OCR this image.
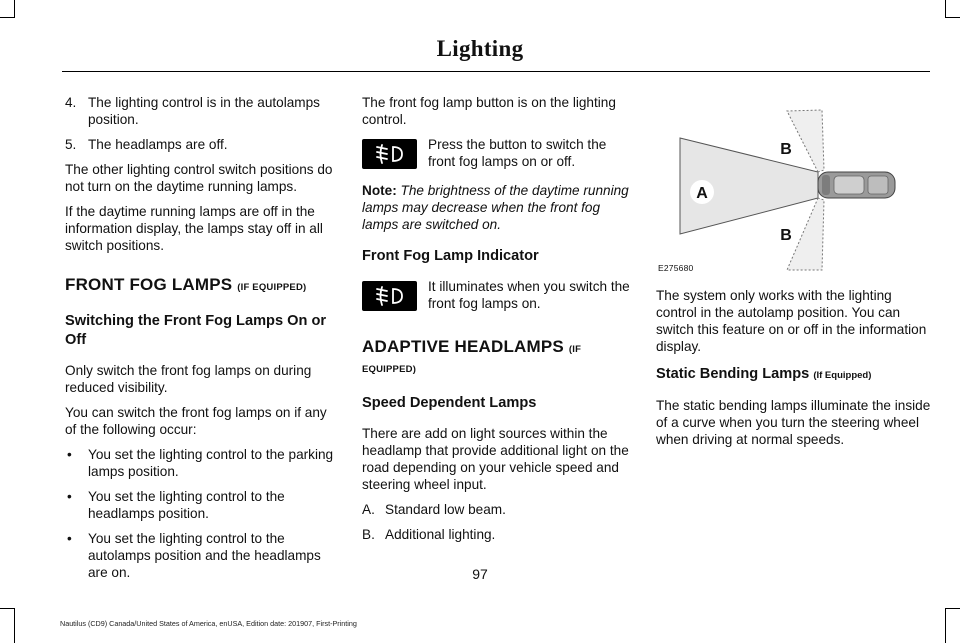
Lighting
4. The lighting control is in the autolamps position.
5. The headlamps are off.

The other lighting control switch positions do not turn on the daytime running lamps.

If the daytime running lamps are off in the information display, the lamps stay off in all switch positions.

FRONT FOG LAMPS (IF EQUIPPED)
Switching the Front Fog Lamps On or Off

Only switch the front fog lamps on during reduced visibility.

You can switch the front fog lamps on if any of the following occur:

• You set the lighting control to the parking lamps position.
• You set the lighting control to the headlamps position.
• You set the lighting control to the autolamps position and the headlamps are on.

The front fog lamp button is on the lighting control.

Press the button to switch the front fog lamps on or off.

Note: The brightness of the daytime running lamps may decrease when the front fog lamps are switched on.

Front Fog Lamp Indicator
It illuminates when you switch the front fog lamps on.
ADAPTIVE HEADLAMPS (IF EQUIPPED)
Speed Dependent Lamps

There are add on light sources within the headlamp that provide additional light on the road depending on your vehicle speed and steering wheel input.

A. Standard low beam.
B. Additional lighting.
B
A
B
E275680

The system only works with the lighting control in the autolamp position. You can switch this feature on or off in the information display.

Static Bending Lamps (If Equipped)

The static bending lamps illuminate the inside of a curve when you turn the steering wheel when driving at normal speeds.

97
Nautilus (CD9) Canada/United States of America, enUSA, Edition date: 201907, First-Printing
